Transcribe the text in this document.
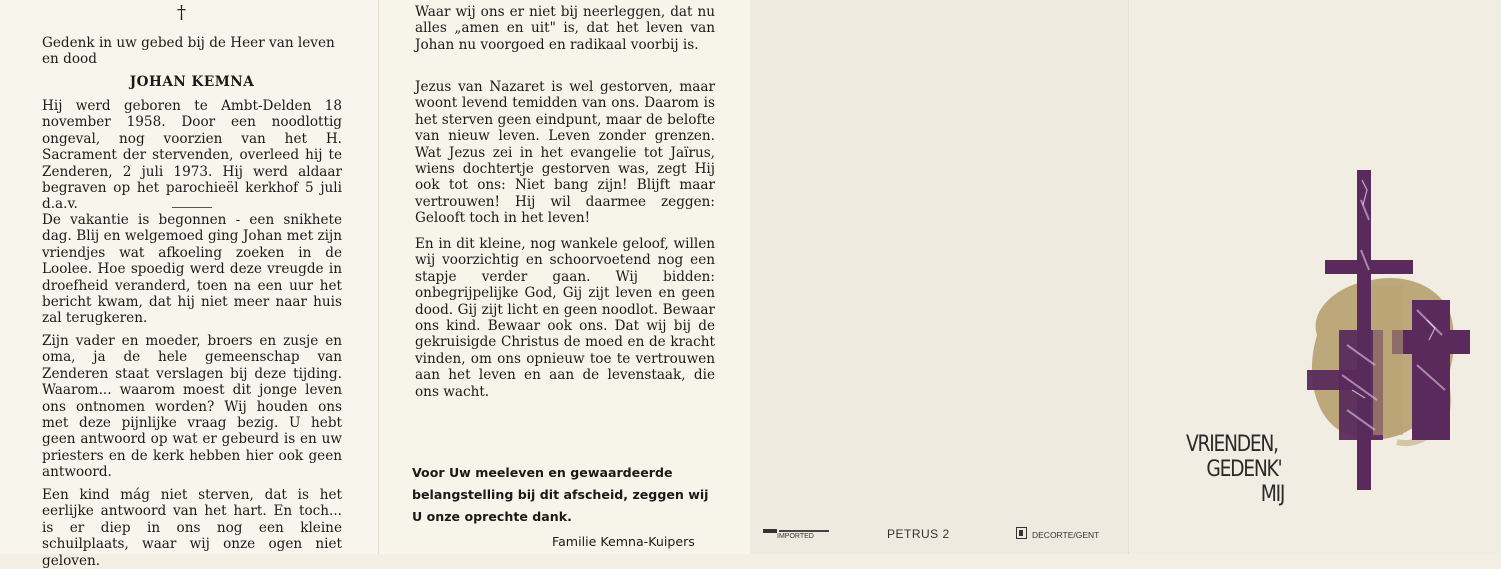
†
Gedenk in uw gebed bij de Heer van leven en dood
JOHAN KEMNA
Hij werd geboren te Ambt-Delden 18 november 1958. Door een noodlottig ongeval, nog voorzien van het H. Sacrament der stervenden, overleed hij te Zenderen, 2 juli 1973. Hij werd aldaar begraven op het parochieël kerkhof 5 juli d.a.v.
De vakantie is begonnen - een snikhete dag. Blij en welgemoed ging Johan met zijn vriendjes wat afkoeling zoeken in de Loolee. Hoe spoedig werd deze vreugde in droefheid veranderd, toen na een uur het bericht kwam, dat hij niet meer naar huis zal terugkeren.
Zijn vader en moeder, broers en zusje en oma, ja de hele gemeenschap van Zenderen staat verslagen bij deze tijding. Waarom... waarom moest dit jonge leven ons ontnomen worden? Wij houden ons met deze pijnlijke vraag bezig. U hebt geen antwoord op wat er gebeurd is en uw priesters en de kerk hebben hier ook geen antwoord.
Een kind mág niet sterven, dat is het eerlijke antwoord van het hart. En toch... is er diep in ons nog een kleine schuilplaats, waar wij onze ogen niet geloven.
Waar wij ons er niet bij neerleggen, dat nu alles „amen en uit" is, dat het leven van Johan nu voorgoed en radikaal voorbij is.
Jezus van Nazaret is wel gestorven, maar woont levend temidden van ons. Daarom is het sterven geen eindpunt, maar de belofte van nieuw leven. Leven zonder grenzen. Wat Jezus zei in het evangelie tot Jaïrus, wiens dochtertje gestorven was, zegt Hij ook tot ons: Niet bang zijn! Blijft maar vertrouwen! Hij wil daarmee zeggen: Gelooft toch in het leven!
En in dit kleine, nog wankele geloof, willen wij voorzichtig en schoorvoetend nog een stapje verder gaan. Wij bidden: onbegrijpelijke God, Gij zijt leven en geen dood. Gij zijt licht en geen noodlot. Bewaar ons kind. Bewaar ook ons. Dat wij bij de gekruisigde Christus de moed en de kracht vinden, om ons opnieuw toe te vertrouwen aan het leven en aan de levenstaak, die ons wacht.
Voor Uw meeleven en gewaardeerde belangstelling bij dit afscheid, zeggen wij U onze oprechte dank.
Familie Kemna-Kuipers	IMPORTED	PETRUS 2	DECORTE/GENT
VRIENDEN,
GEDENK'
MIJ
